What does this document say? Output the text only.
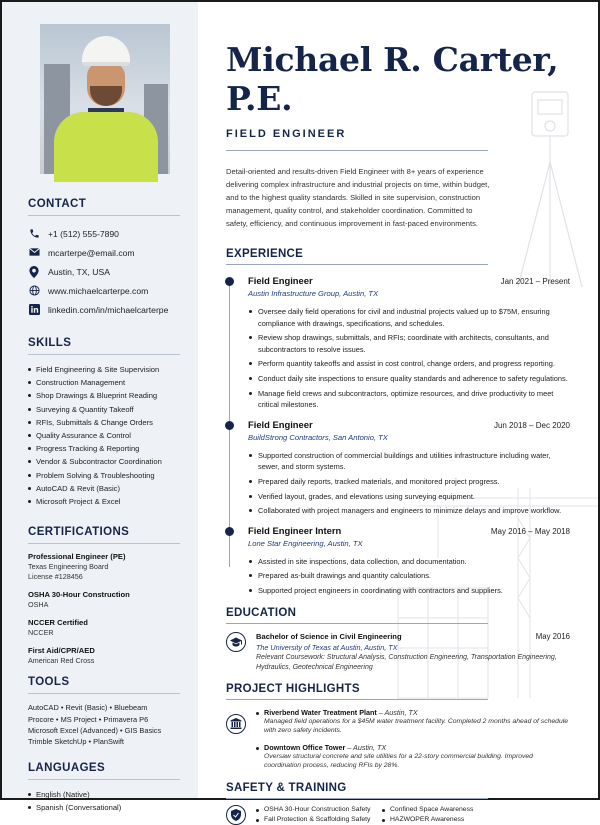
CONTACT
+1 (512) 555-7890
mcarterpe@email.com
Austin, TX, USA
www.michaelcarterpe.com
linkedin.com/in/michaelcarterpe
SKILLS
Field Engineering & Site Supervision
Construction Management
Shop Drawings & Blueprint Reading
Surveying & Quantity Takeoff
RFIs, Submittals & Change Orders
Quality Assurance & Control
Progress Tracking & Reporting
Vendor & Subcontractor Coordination
Problem Solving & Troubleshooting
AutoCAD & Revit (Basic)
Microsoft Project & Excel
CERTIFICATIONS
Professional Engineer (PE)
Texas Engineering Board
License #128456
OSHA 30-Hour Construction
OSHA
NCCER Certified
NCCER
First Aid/CPR/AED
American Red Cross
TOOLS
AutoCAD • Revit (Basic) • Bluebeam
Procore • MS Project • Primavera P6
Microsoft Excel (Advanced) • GIS Basics
Trimble SketchUp • PlanSwift
LANGUAGES
English (Native)
Spanish (Conversational)
Michael R. Carter, P.E.
FIELD ENGINEER
Detail-oriented and results-driven Field Engineer with 8+ years of experience delivering complex infrastructure and industrial projects on time, within budget, and to the highest quality standards. Skilled in site supervision, construction management, quality control, and stakeholder coordination. Committed to safety, efficiency, and continuous improvement in fast-paced environments.
EXPERIENCE
Field Engineer	Jan 2021 – Present
Austin Infrastructure Group, Austin, TX
Oversee daily field operations for civil and industrial projects valued up to $75M, ensuring compliance with drawings, specifications, and schedules.
Review shop drawings, submittals, and RFIs; coordinate with architects, consultants, and subcontractors to resolve issues.
Perform quantity takeoffs and assist in cost control, change orders, and progress reporting.
Conduct daily site inspections to ensure quality standards and adherence to safety regulations.
Manage field crews and subcontractors, optimize resources, and drive productivity to meet critical milestones.
Field Engineer	Jun 2018 – Dec 2020
BuildStrong Contractors, San Antonio, TX
Supported construction of commercial buildings and utilities infrastructure including water, sewer, and storm systems.
Prepared daily reports, tracked materials, and monitored project progress.
Verified layout, grades, and elevations using surveying equipment.
Collaborated with project managers and engineers to minimize delays and improve workflow.
Field Engineer Intern	May 2016 – May 2018
Lone Star Engineering, Austin, TX
Assisted in site inspections, data collection, and documentation.
Prepared as-built drawings and quantity calculations.
Supported project engineers in coordinating with contractors and suppliers.
EDUCATION
Bachelor of Science in Civil Engineering	May 2016
The University of Texas at Austin, Austin, TX
Relevant Coursework: Structural Analysis, Construction Engineering, Transportation Engineering, Hydraulics, Geotechnical Engineering
PROJECT HIGHLIGHTS
Riverbend Water Treatment Plant – Austin, TX
Managed field operations for a $45M water treatment facility. Completed 2 months ahead of schedule with zero safety incidents.
Downtown Office Tower – Austin, TX
Oversaw structural concrete and site utilities for a 22-story commercial building. Improved coordination process, reducing RFIs by 28%.
SAFETY & TRAINING
OSHA 30-Hour Construction Safety	Confined Space Awareness
Fall Protection & Scaffolding Safety	HAZWOPER Awareness
